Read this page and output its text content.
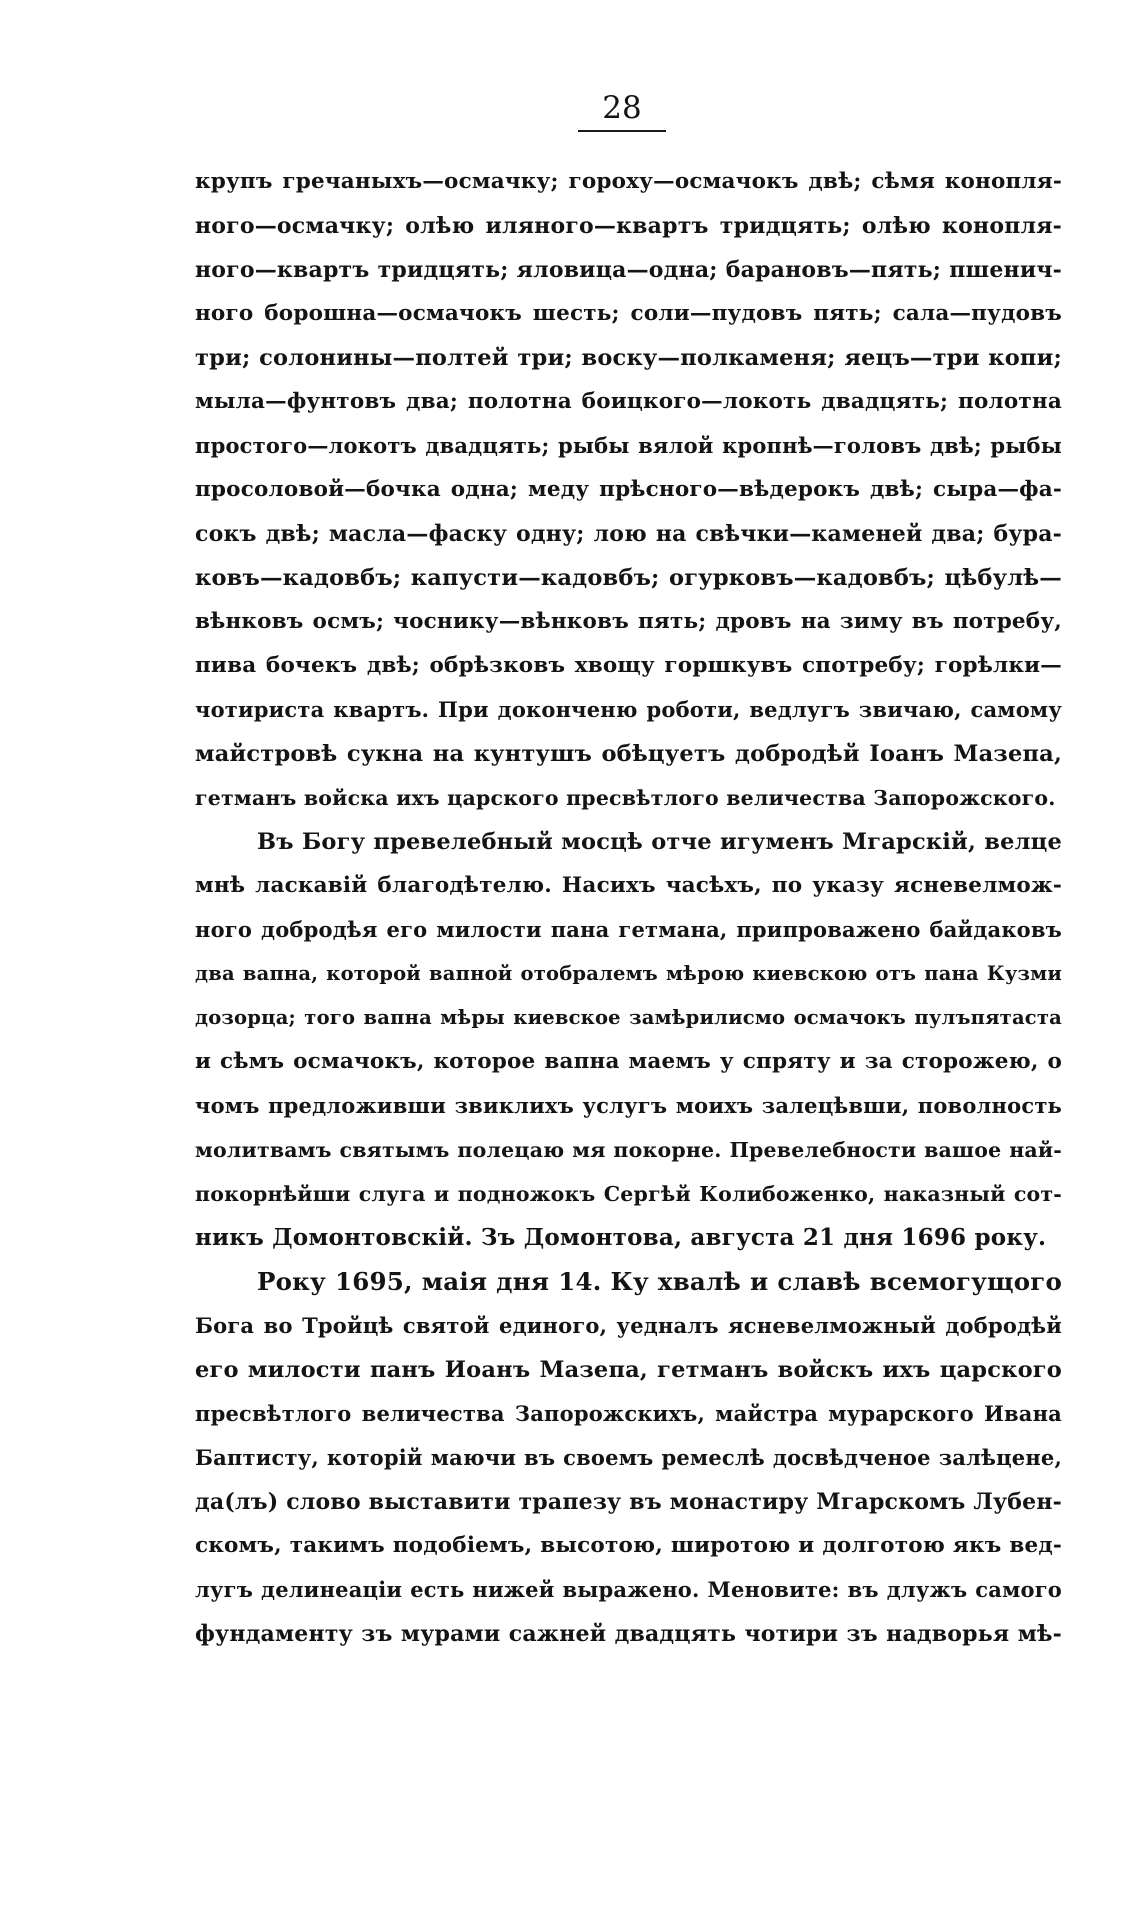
28
крупъ гречаныхъ—осмачку; гороху—осмачокъ двѣ; сѣмя конопля-
ного—осмачку; олѣю иляного—квартъ тридцять; олѣю конопля-
ного—квартъ тридцять; яловица—одна; барановъ—пять; пшенич-
ного борошна—осмачокъ шесть; соли—пудовъ пять; сала—пудовъ
три; солонины—полтей три; воску—полкаменя; яецъ—три копи;
мыла—фунтовъ два; полотна боицкого—локоть двадцять; полотна
простого—локотъ двадцять; рыбы вялой кропнѣ—головъ двѣ; рыбы
просоловой—бочка одна; меду прѣсного—вѣдерокъ двѣ; сыра—фа-
сокъ двѣ; масла—фаску одну; лою на свѣчки—каменей два; бура-
ковъ—кадовбъ; капусти—кадовбъ; огурковъ—кадовбъ; цѣбулѣ—
вѣнковъ осмъ; чоснику—вѣнковъ пять; дровъ на зиму въ потребу,
пива бочекъ двѣ; обрѣзковъ хвощу горшкувъ спотребу; горѣлки—
чотириста квартъ. При доконченю роботи, ведлугъ звичаю, самому
майстровѣ сукна на кунтушъ обѣцуетъ добродѣй Іоанъ Мазепа,
гетманъ войска ихъ царского пресвѣтлого величества Запорожского.
Въ Богу превелебный мосцѣ отче игуменъ Мгарскій, велце
мнѣ ласкавій благодѣтелю. Насихъ часѣхъ, по указу ясневелмож-
ного добродѣя его милости пана гетмана, припроважено байдаковъ
два вапна, которой вапной отобралемъ мѣрою киевскою отъ пана Кузми
дозорца; того вапна мѣры киевское замѣрилисмо осмачокъ пулъпятаста
и сѣмъ осмачокъ, которое вапна маемъ у спряту и за сторожею, о
чомъ предложивши звиклихъ услугъ моихъ залецѣвши, поволность
молитвамъ святымъ полецаю мя покорне. Превелебности вашое най-
покорнѣйши слуга и подножокъ Сергѣй Колибоженко, наказный сот-
никъ Домонтовскій. Зъ Домонтова, августа 21 дня 1696 року.
Року 1695, маія дня 14. Ку хвалѣ и славѣ всемогущого
Бога во Тройцѣ святой единого, уедналъ ясневелможный добродѣй
его милости панъ Иоанъ Мазепа, гетманъ войскъ ихъ царского
пресвѣтлого величества Запорожскихъ, майстра мурарского Ивана
Баптисту, которій маючи въ своемъ ремеслѣ досвѣдченое залѣцене,
да(лъ) слово выставити трапезу въ монастиру Мгарскомъ Лубен-
скомъ, такимъ подобіемъ, высотою, широтою и долготою якъ вед-
лугъ делинеаціи есть нижей выражено. Меновите: въ длужъ самого
фундаменту зъ мурами сажней двадцять чотири зъ надворья мѣ-
